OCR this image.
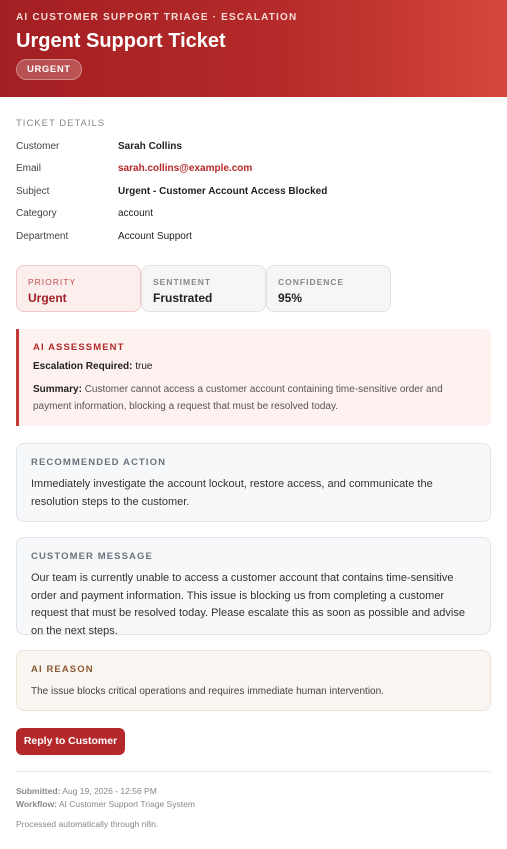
AI CUSTOMER SUPPORT TRIAGE · ESCALATION
Urgent Support Ticket
URGENT
TICKET DETAILS
Customer	Sarah Collins
Email	sarah.collins@example.com
Subject	Urgent - Customer Account Access Blocked
Category	account
Department	Account Support
PRIORITY
Urgent
SENTIMENT
Frustrated
CONFIDENCE
95%
AI ASSESSMENT
Escalation Required: true
Summary: Customer cannot access a customer account containing time-sensitive order and payment information, blocking a request that must be resolved today.
RECOMMENDED ACTION
Immediately investigate the account lockout, restore access, and communicate the resolution steps to the customer.
CUSTOMER MESSAGE
Our team is currently unable to access a customer account that contains time-sensitive order and payment information. This issue is blocking us from completing a customer request that must be resolved today. Please escalate this as soon as possible and advise on the next steps.
AI REASON
The issue blocks critical operations and requires immediate human intervention.
Reply to Customer
Submitted: Aug 19, 2026 - 12:56 PM
Workflow: AI Customer Support Triage System
Processed automatically through n8n.
